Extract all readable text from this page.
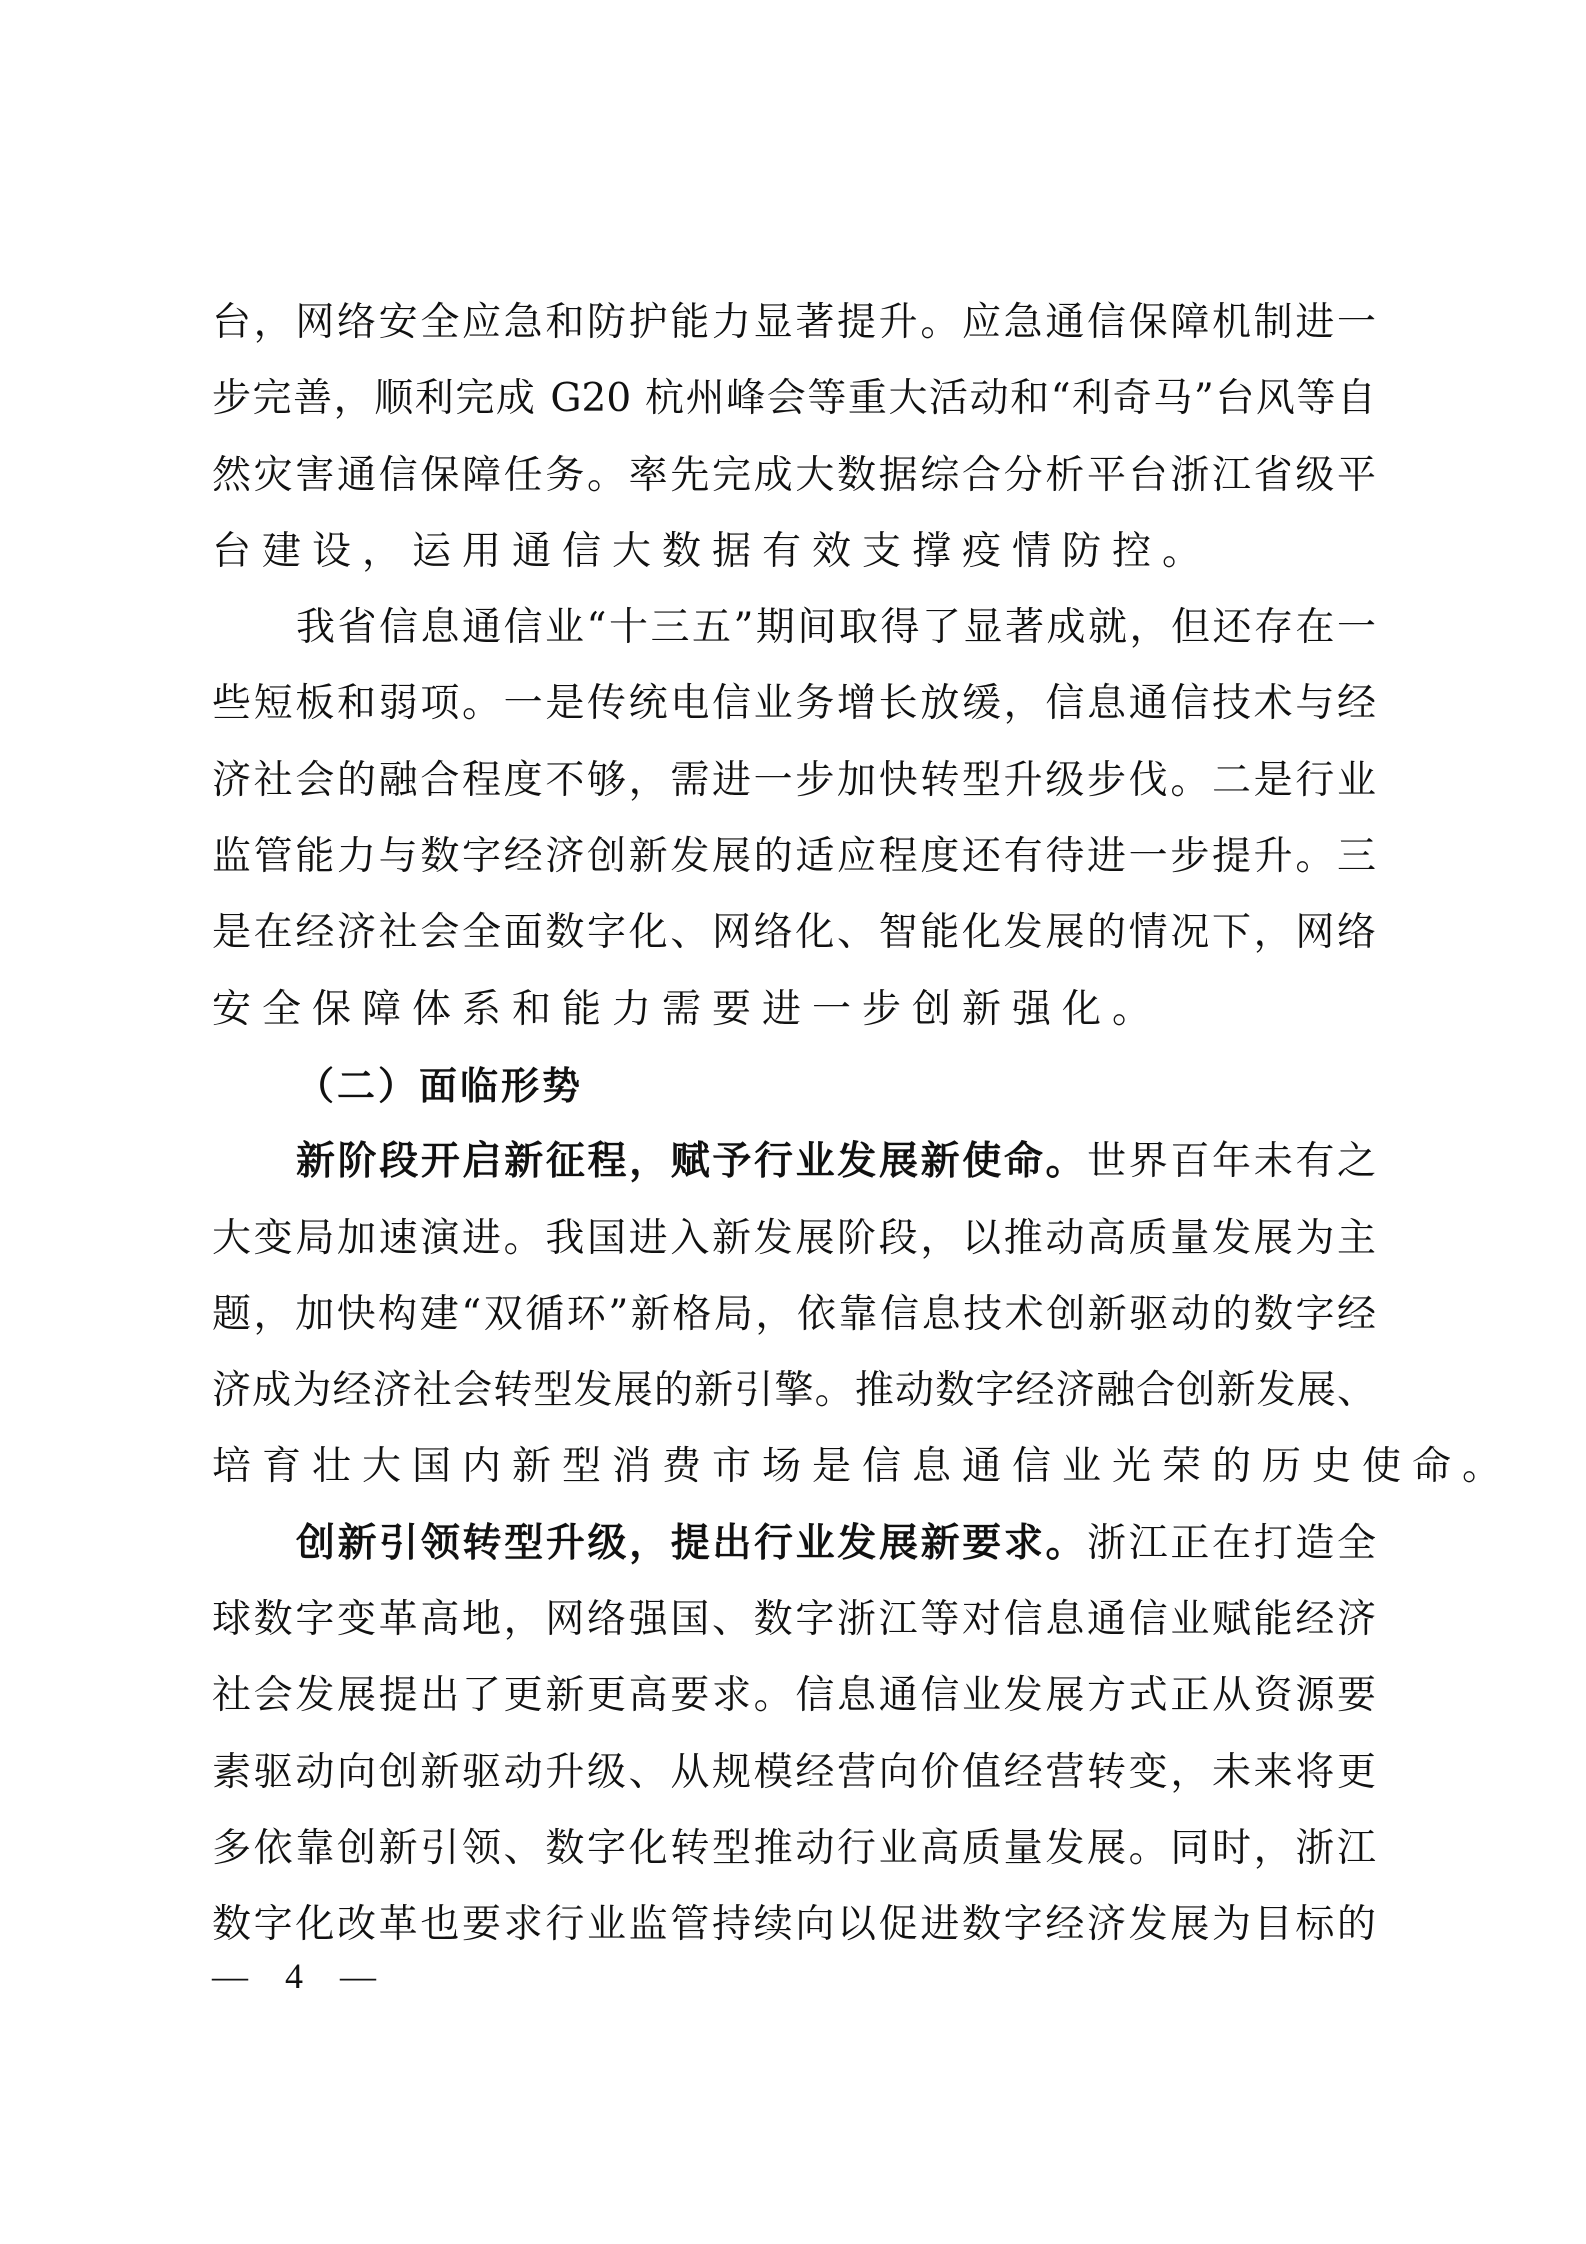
台，网络安全应急和防护能力显著提升。应急通信保障机制进一
步完善，顺利完成 G20 杭州峰会等重大活动和“利奇马”台风等自
然灾害通信保障任务。率先完成大数据综合分析平台浙江省级平
台建设，运用通信大数据有效支撑疫情防控。
我省信息通信业“十三五”期间取得了显著成就，但还存在一
些短板和弱项。一是传统电信业务增长放缓，信息通信技术与经
济社会的融合程度不够，需进一步加快转型升级步伐。二是行业
监管能力与数字经济创新发展的适应程度还有待进一步提升。三
是在经济社会全面数字化、网络化、智能化发展的情况下，网络
安全保障体系和能力需要进一步创新强化。
（二）面临形势
新阶段开启新征程，赋予行业发展新使命。世界百年未有之
大变局加速演进。我国进入新发展阶段，以推动高质量发展为主
题，加快构建“双循环”新格局，依靠信息技术创新驱动的数字经
济成为经济社会转型发展的新引擎。推动数字经济融合创新发展、
培育壮大国内新型消费市场是信息通信业光荣的历史使命。
创新引领转型升级，提出行业发展新要求。浙江正在打造全
球数字变革高地，网络强国、数字浙江等对信息通信业赋能经济
社会发展提出了更新更高要求。信息通信业发展方式正从资源要
素驱动向创新驱动升级、从规模经营向价值经营转变，未来将更
多依靠创新引领、数字化转型推动行业高质量发展。同时，浙江
数字化改革也要求行业监管持续向以促进数字经济发展为目标的
— 4 —
